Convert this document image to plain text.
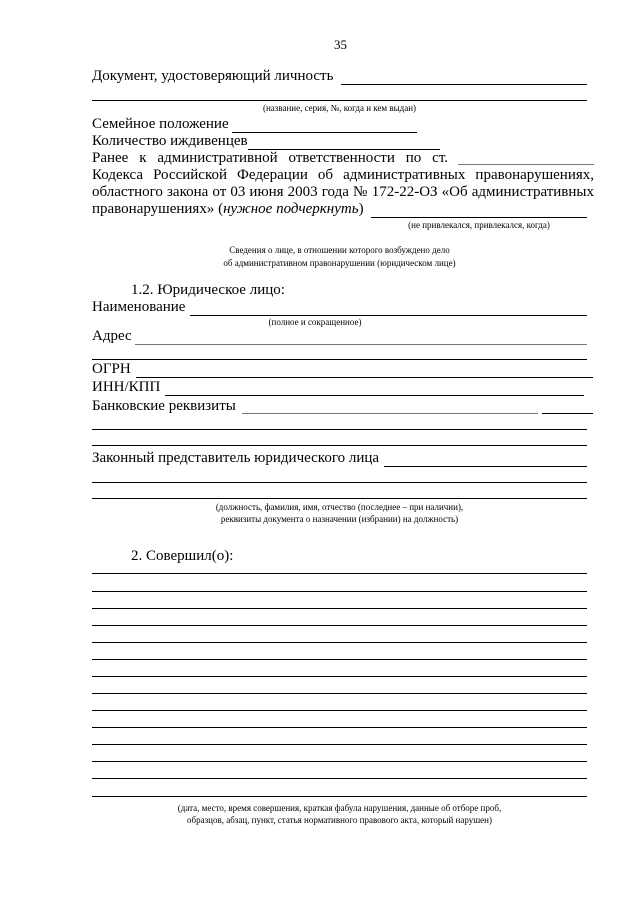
35
Документ, удостоверяющий личность
(название, серия, №, когда и кем выдан)
Семейное положение
Количество иждивенцев
Ранее к административной ответственности по ст.
Кодекса Российской Федерации об административных правонарушениях,
областного закона от 03 июня 2003 года № 172-22-ОЗ «Об административных
правонарушениях» (нужное подчеркнуть)
(не привлекался, привлекался, когда)
Сведения о лице, в отношении которого возбуждено дело
об административном правонарушении (юридическом лице)
1.2. Юридическое лицо:
Наименование
(полное и сокращенное)
Адрес
ОГРН
ИНН/КПП
Банковские реквизиты
Законный представитель юридического лица
(должность, фамилия, имя, отчество (последнее – при наличии),
реквизиты документа о назначении (избрании) на должность)
2. Совершил(о):
(дата, место, время совершения, краткая фабула нарушения, данные об отборе проб,
образцов, абзац, пункт, статья нормативного правового акта, который нарушен)
